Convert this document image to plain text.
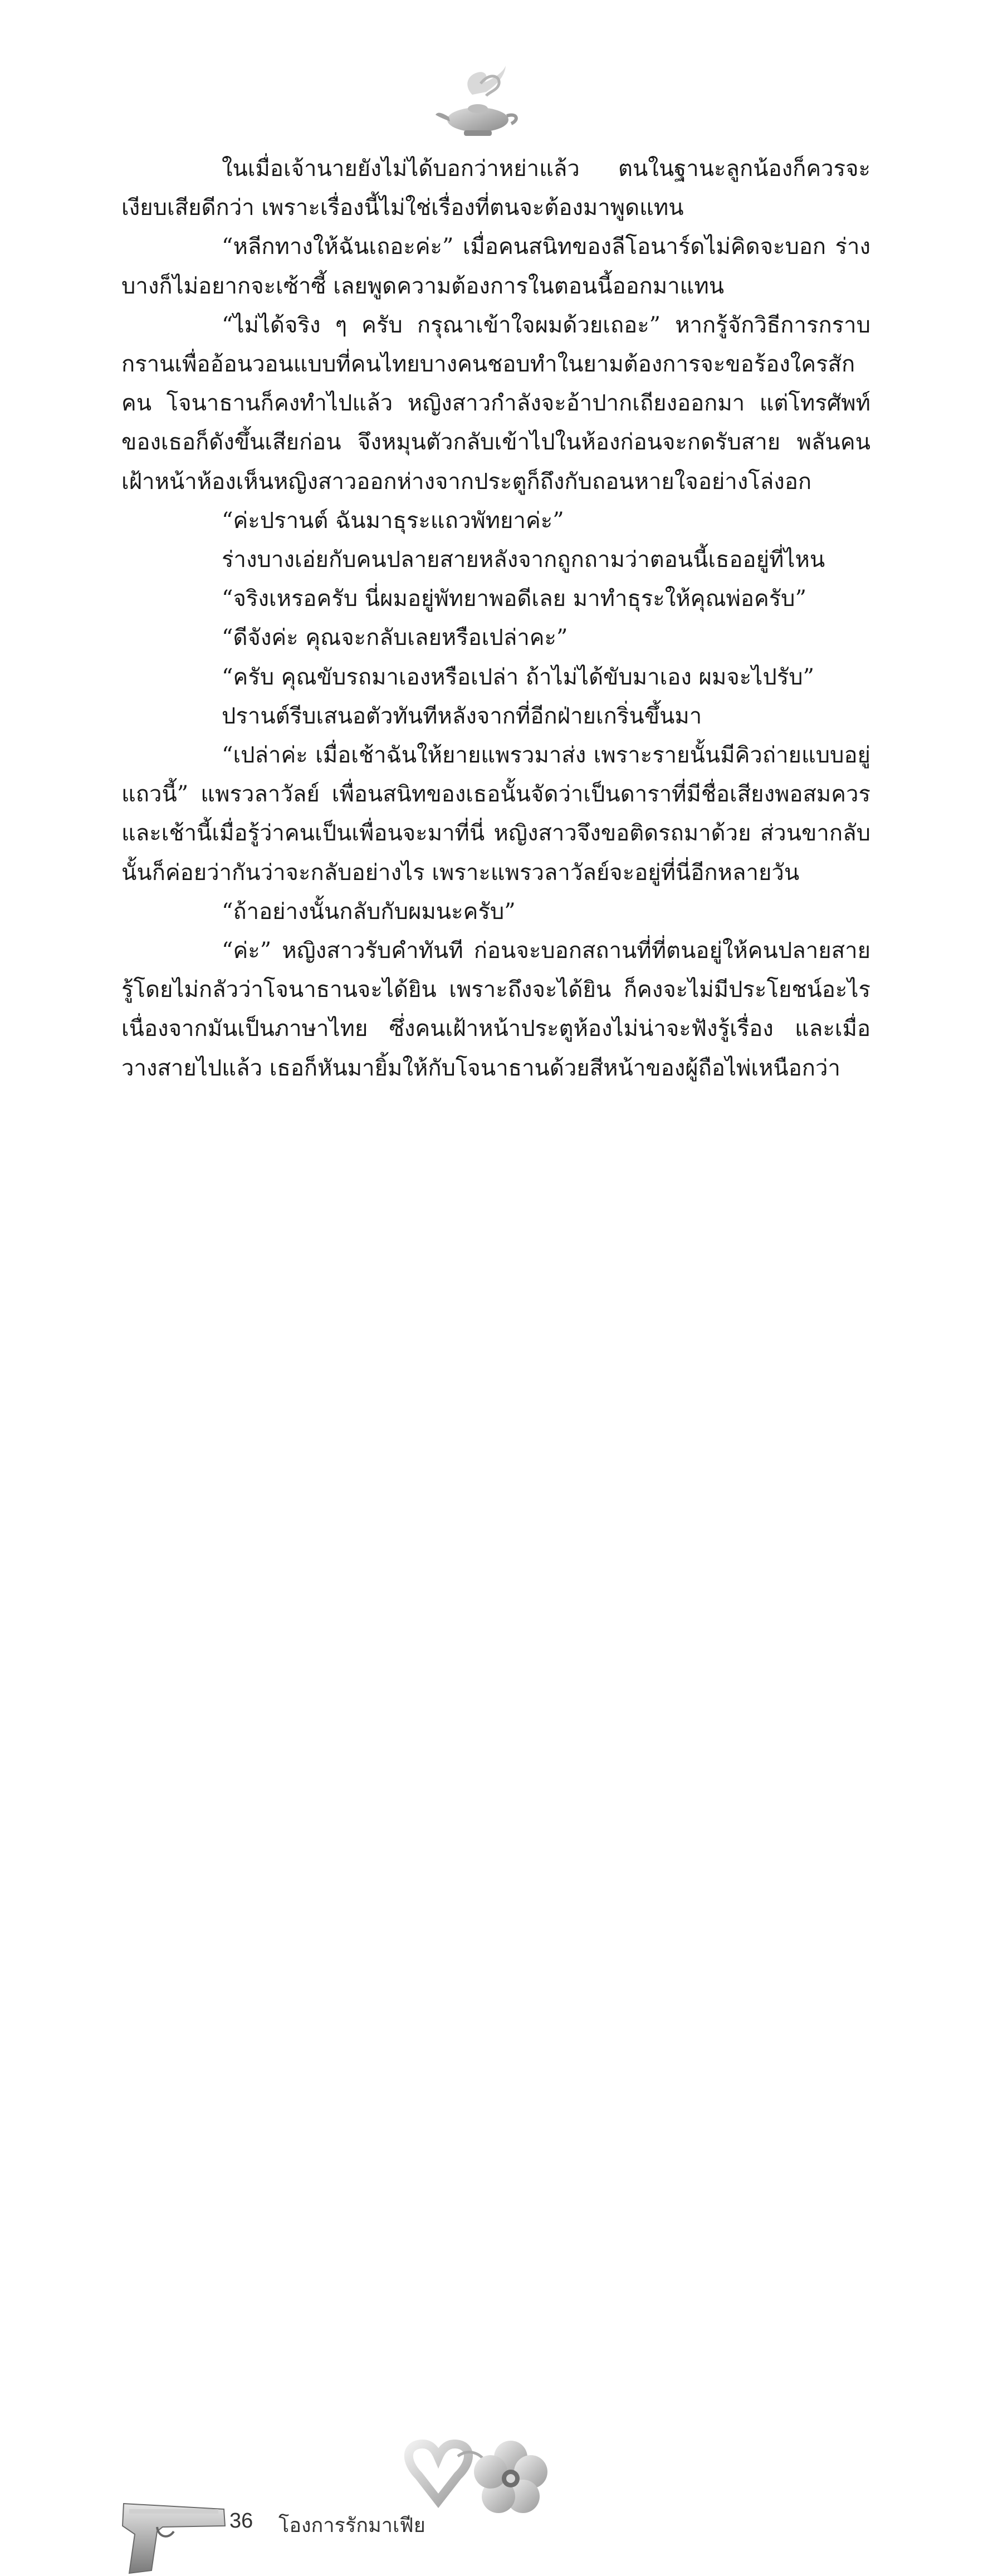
ในเมื่อเจ้านายยังไม่ได้บอกว่าหย่าแล้ว ตนในฐานะลูกน้องก็ควรจะเงียบเสียดีกว่า เพราะเรื่องนี้ไม่ใช่เรื่องที่ตนจะต้องมาพูดแทน

“หลีกทางให้ฉันเถอะค่ะ” เมื่อคนสนิทของลีโอนาร์ดไม่คิดจะบอก ร่างบางก็ไม่อยากจะเซ้าซี้ เลยพูดความต้องการในตอนนี้ออกมาแทน

“ไม่ได้จริง ๆ ครับ กรุณาเข้าใจผมด้วยเถอะ” หากรู้จักวิธีการกราบกรานเพื่ออ้อนวอนแบบที่คนไทยบางคนชอบทำในยามต้องการจะขอร้องใครสักคน โจนาธานก็คงทำไปแล้ว หญิงสาวกำลังจะอ้าปากเถียงออกมา แต่โทรศัพท์ของเธอก็ดังขึ้นเสียก่อน จึงหมุนตัวกลับเข้าไปในห้องก่อนจะกดรับสาย พลันคนเฝ้าหน้าห้องเห็นหญิงสาวออกห่างจากประตูก็ถึงกับถอนหายใจอย่างโล่งอก

“ค่ะปรานต์ ฉันมาธุระแถวพัทยาค่ะ”

ร่างบางเอ่ยกับคนปลายสายหลังจากถูกถามว่าตอนนี้เธออยู่ที่ไหน

“จริงเหรอครับ นี่ผมอยู่พัทยาพอดีเลย มาทำธุระให้คุณพ่อครับ”

“ดีจังค่ะ คุณจะกลับเลยหรือเปล่าคะ”

“ครับ คุณขับรถมาเองหรือเปล่า ถ้าไม่ได้ขับมาเอง ผมจะไปรับ”

ปรานต์รีบเสนอตัวทันทีหลังจากที่อีกฝ่ายเกริ่นขึ้นมา

“เปล่าค่ะ เมื่อเช้าฉันให้ยายแพรวมาส่ง เพราะรายนั้นมีคิวถ่ายแบบอยู่แถวนี้” แพรวลาวัลย์ เพื่อนสนิทของเธอนั้นจัดว่าเป็นดาราที่มีชื่อเสียงพอสมควร และเช้านี้เมื่อรู้ว่าคนเป็นเพื่อนจะมาที่นี่ หญิงสาวจึงขอติดรถมาด้วย ส่วนขากลับนั้นก็ค่อยว่ากันว่าจะกลับอย่างไร เพราะแพรวลาวัลย์จะอยู่ที่นี่อีกหลายวัน

“ถ้าอย่างนั้นกลับกับผมนะครับ”

“ค่ะ” หญิงสาวรับคำทันที ก่อนจะบอกสถานที่ที่ตนอยู่ให้คนปลายสายรู้โดยไม่กลัวว่าโจนาธานจะได้ยิน เพราะถึงจะได้ยิน ก็คงจะไม่มีประโยชน์อะไร เนื่องจากมันเป็นภาษาไทย ซึ่งคนเฝ้าหน้าประตูห้องไม่น่าจะฟังรู้เรื่อง และเมื่อวางสายไปแล้ว เธอก็หันมายิ้มให้กับโจนาธานด้วยสีหน้าของผู้ถือไพ่เหนือกว่า

36 โองการรักมาเฟีย
